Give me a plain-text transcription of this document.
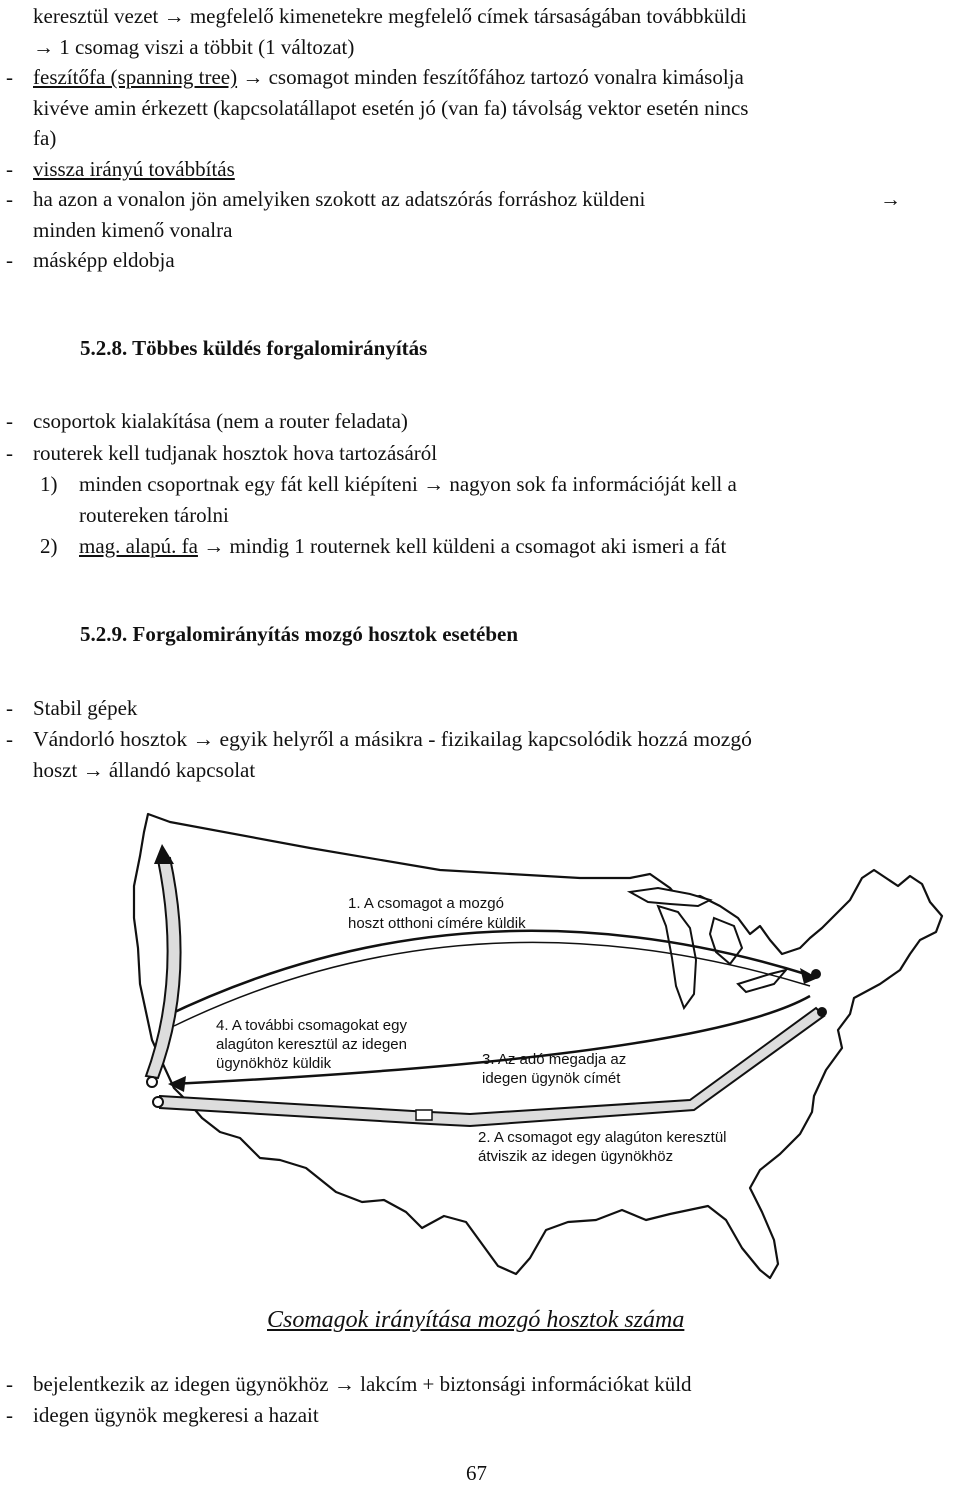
keresztül vezet → megfelelő kimenetekre megfelelő címek társaságában továbbküldi
→ 1 csomag viszi a többit (1 változat)
- feszítőfa (spanning tree) → csomagot minden feszítőfához tartozó vonalra kimásolja
kivéve amin érkezett (kapcsolatállapot esetén jó (van fa) távolság vektor esetén nincs
fa)
- vissza irányú továbbítás
- ha azon a vonalon jön amelyiken szokott az adatszórás forráshoz küldeni	→
minden kimenő vonalra
- másképp eldobja
5.2.8. Többes küldés forgalomirányítás
- csoportok kialakítása (nem a router feladata)
- routerek kell tudjanak hosztok hova tartozásáról
1) minden csoportnak egy fát kell kiépíteni → nagyon sok fa információját kell a
routereken tárolni
2) mag. alapú. fa → mindig 1 routernek kell küldeni a csomagot aki ismeri a fát
5.2.9. Forgalomirányítás mozgó hosztok esetében
- Stabil gépek
- Vándorló hosztok → egyik helyről a másikra - fizikailag kapcsolódik hozzá mozgó
hoszt → állandó kapcsolat
1. A csomagot a mozgó
hoszt otthoni címére küldik
4. A további csomagokat egy
alagúton keresztül az idegen
ügynökhöz küldik	3. Az adó megadja az
idegen ügynök címét
2. A csomagot egy alagúton keresztül
átviszik az idegen ügynökhöz
Csomagok irányítása mozgó hosztok száma
- bejelentkezik az idegen ügynökhöz → lakcím + biztonsági információkat küld
- idegen ügynök megkeresi a hazait
67
